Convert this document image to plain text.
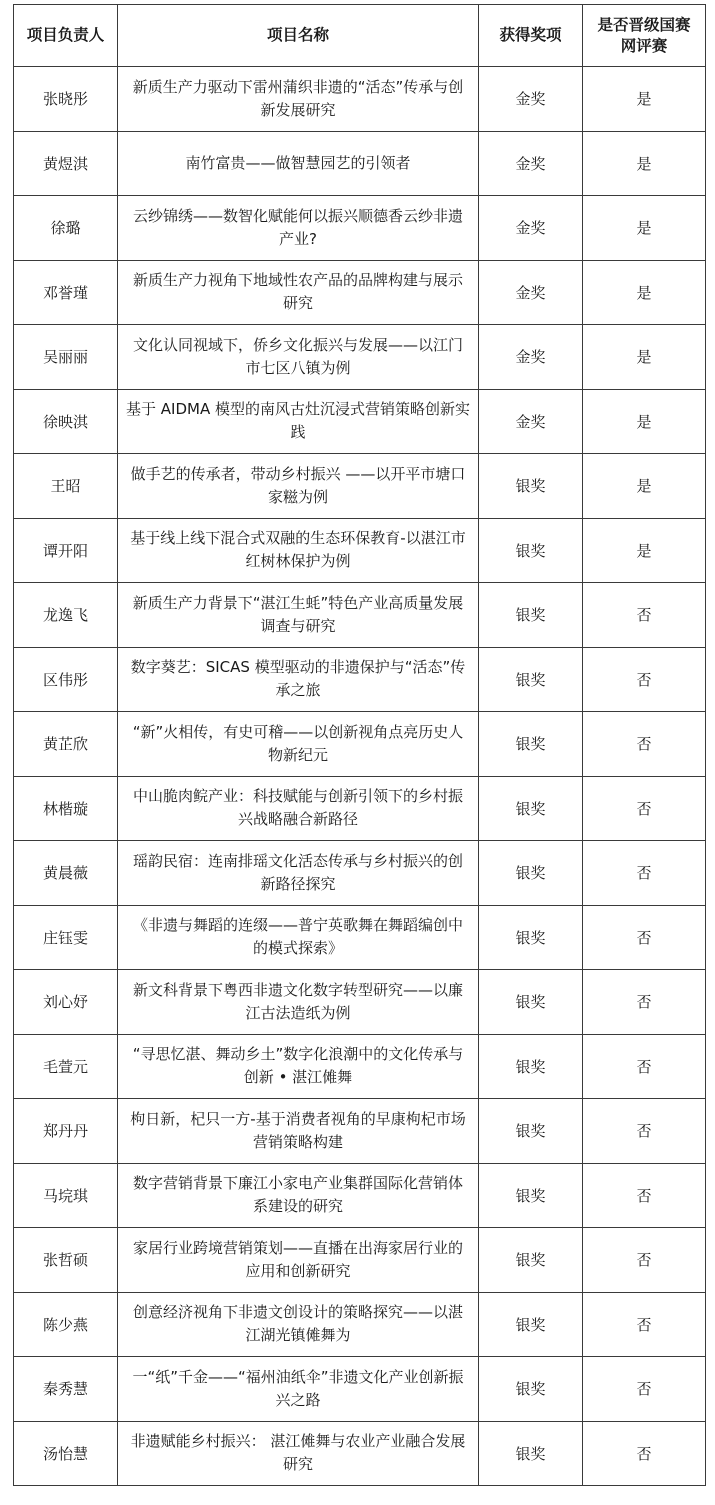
项目负责人	项目名称	获得奖项	是否晋级国赛网评赛
张晓彤	新质生产力驱动下雷州蒲织非遗的“活态”传承与创新发展研究	金奖	是
黄煜淇	南竹富贵——做智慧园艺的引领者	金奖	是
徐璐	云纱锦绣——数智化赋能何以振兴顺德香云纱非遗产业?	金奖	是
邓誉瑾	新质生产力视角下地域性农产品的品牌构建与展示研究	金奖	是
吴丽丽	文化认同视域下，侨乡文化振兴与发展——以江门市七区八镇为例	金奖	是
徐映淇	基于 AIDMA 模型的南风古灶沉浸式营销策略创新实践	金奖	是
王昭	做手艺的传承者，带动乡村振兴 ——以开平市塘口家糍为例	银奖	是
谭开阳	基于线上线下混合式双融的生态环保教育-以湛江市红树林保护为例	银奖	是
龙逸飞	新质生产力背景下“湛江生蚝”特色产业高质量发展调查与研究	银奖	否
区伟彤	数字葵艺：SICAS 模型驱动的非遗保护与“活态”传承之旅	银奖	否
黄芷欣	“新”火相传，有史可稽——以创新视角点亮历史人物新纪元	银奖	否
林楷璇	中山脆肉鲩产业：科技赋能与创新引领下的乡村振兴战略融合新路径	银奖	否
黄晨薇	瑶韵民宿：连南排瑶文化活态传承与乡村振兴的创新路径探究	银奖	否
庄钰雯	《非遗与舞蹈的连缀——普宁英歌舞在舞蹈编创中的模式探索》	银奖	否
刘心妤	新文科背景下粤西非遗文化数字转型研究——以廉江古法造纸为例	银奖	否
毛萱元	“寻思忆湛、舞动乡土”数字化浪潮中的文化传承与创新 • 湛江傩舞	银奖	否
郑丹丹	枸日新，杞只一方-基于消费者视角的早康枸杞市场营销策略构建	银奖	否
马垸琪	数字营销背景下廉江小家电产业集群国际化营销体系建设的研究	银奖	否
张哲硕	家居行业跨境营销策划——直播在出海家居行业的应用和创新研究	银奖	否
陈少燕	创意经济视角下非遗文创设计的策略探究——以湛江湖光镇傩舞为	银奖	否
秦秀慧	一“纸”千金——“福州油纸伞”非遗文化产业创新振兴之路	银奖	否
汤怡慧	非遗赋能乡村振兴： 湛江傩舞与农业产业融合发展研究	银奖	否
